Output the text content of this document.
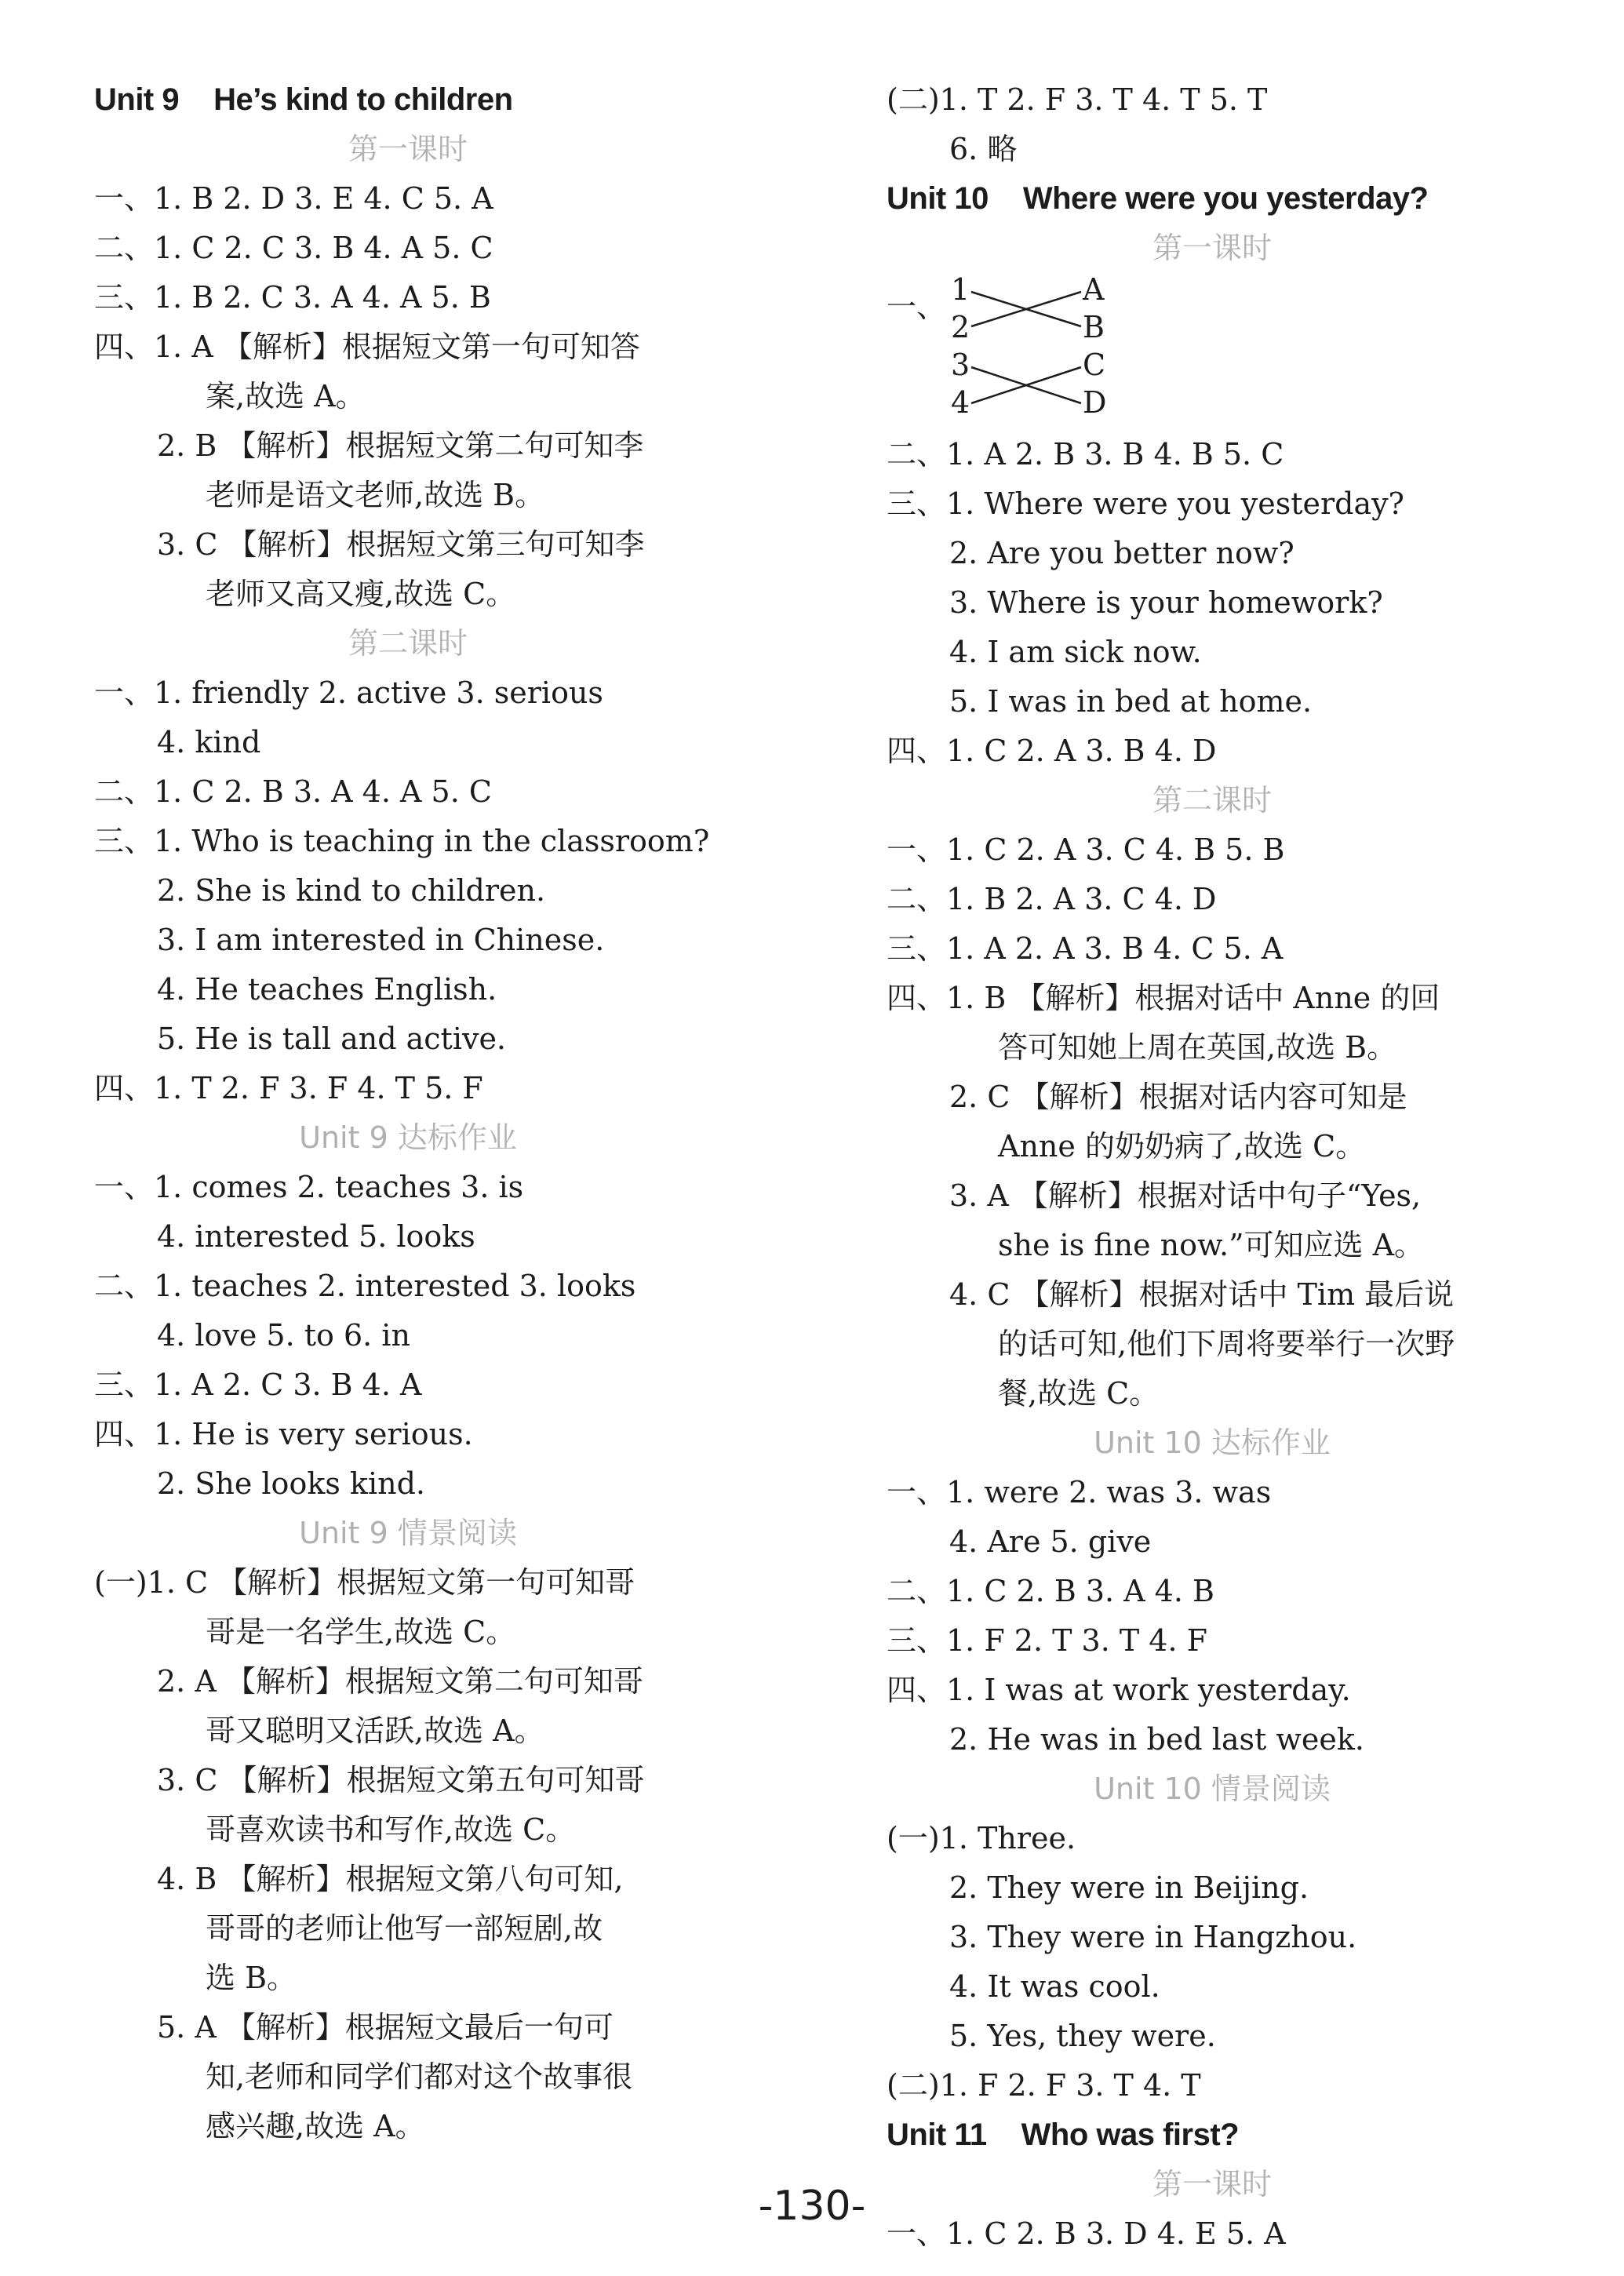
Unit 9 He’s kind to children
第一课时
一、1. B 2. D 3. E 4. C 5. A
二、1. C 2. C 3. B 4. A 5. C
三、1. B 2. C 3. A 4. A 5. B
四、1. A 【解析】根据短文第一句可知答
案,故选 A。
2. B 【解析】根据短文第二句可知李
老师是语文老师,故选 B。
3. C 【解析】根据短文第三句可知李
老师又高又瘦,故选 C。
第二课时
一、1. friendly 2. active 3. serious
4. kind
二、1. C 2. B 3. A 4. A 5. C
三、1. Who is teaching in the classroom?
2. She is kind to children.
3. I am interested in Chinese.
4. He teaches English.
5. He is tall and active.
四、1. T 2. F 3. F 4. T 5. F
Unit 9 达标作业
一、1. comes 2. teaches 3. is
4. interested 5. looks
二、1. teaches 2. interested 3. looks
4. love 5. to 6. in
三、1. A 2. C 3. B 4. A
四、1. He is very serious.
2. She looks kind.
Unit 9 情景阅读
(一)1. C 【解析】根据短文第一句可知哥
哥是一名学生,故选 C。
2. A 【解析】根据短文第二句可知哥
哥又聪明又活跃,故选 A。
3. C 【解析】根据短文第五句可知哥
哥喜欢读书和写作,故选 C。
4. B 【解析】根据短文第八句可知,
哥哥的老师让他写一部短剧,故
选 B。
5. A 【解析】根据短文最后一句可
知,老师和同学们都对这个故事很
感兴趣,故选 A。
(二)1. T 2. F 3. T 4. T 5. T
6. 略
Unit 10 Where were you yesterday?
第一课时
一、 1
2
3
4
A
B
C
D
二、1. A 2. B 3. B 4. B 5. C
三、1. Where were you yesterday?
2. Are you better now?
3. Where is your homework?
4. I am sick now.
5. I was in bed at home.
四、1. C 2. A 3. B 4. D
第二课时
一、1. C 2. A 3. C 4. B 5. B
二、1. B 2. A 3. C 4. D
三、1. A 2. A 3. B 4. C 5. A
四、1. B 【解析】根据对话中 Anne 的回
答可知她上周在英国,故选 B。
2. C 【解析】根据对话内容可知是
Anne 的奶奶病了,故选 C。
3. A 【解析】根据对话中句子“Yes,
she is fine now.”可知应选 A。
4. C 【解析】根据对话中 Tim 最后说
的话可知,他们下周将要举行一次野
餐,故选 C。
Unit 10 达标作业
一、1. were 2. was 3. was
4. Are 5. give
二、1. C 2. B 3. A 4. B
三、1. F 2. T 3. T 4. F
四、1. I was at work yesterday.
2. He was in bed last week.
Unit 10 情景阅读
(一)1. Three.
2. They were in Beijing.
3. They were in Hangzhou.
4. It was cool.
5. Yes, they were.
(二)1. F 2. F 3. T 4. T
Unit 11 Who was first?
第一课时
一、1. C 2. B 3. D 4. E 5. A
-130-
